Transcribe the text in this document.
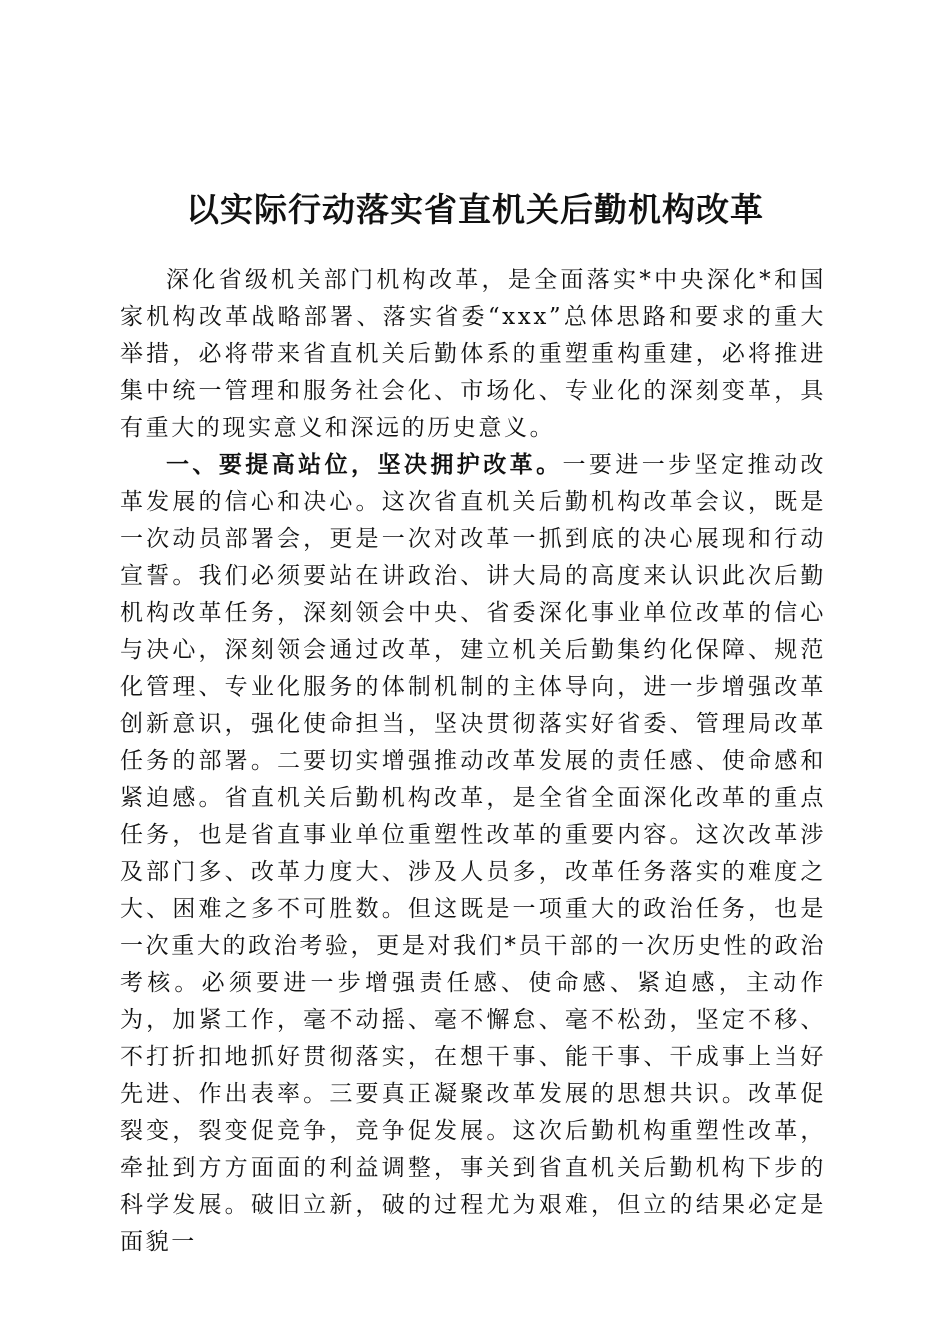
以实际行动落实省直机关后勤机构改革

深化省级机关部门机构改革，是全面落实*中央深化*和国家机构改革战略部署、落实省委“xxx”总体思路和要求的重大举措，必将带来省直机关后勤体系的重塑重构重建，必将推进集中统一管理和服务社会化、市场化、专业化的深刻变革，具有重大的现实意义和深远的历史意义。

一、要提高站位，坚决拥护改革。一要进一步坚定推动改革发展的信心和决心。这次省直机关后勤机构改革会议，既是一次动员部署会，更是一次对改革一抓到底的决心展现和行动宣誓。我们必须要站在讲政治、讲大局的高度来认识此次后勤机构改革任务，深刻领会中央、省委深化事业单位改革的信心与决心，深刻领会通过改革，建立机关后勤集约化保障、规范化管理、专业化服务的体制机制的主体导向，进一步增强改革创新意识，强化使命担当，坚决贯彻落实好省委、管理局改革任务的部署。二要切实增强推动改革发展的责任感、使命感和紧迫感。省直机关后勤机构改革，是全省全面深化改革的重点任务，也是省直事业单位重塑性改革的重要内容。这次改革涉及部门多、改革力度大、涉及人员多，改革任务落实的难度之大、困难之多不可胜数。但这既是一项重大的政治任务，也是一次重大的政治考验，更是对我们*员干部的一次历史性的政治考核。必须要进一步增强责任感、使命感、紧迫感，主动作为，加紧工作，毫不动摇、毫不懈怠、毫不松劲，坚定不移、不打折扣地抓好贯彻落实，在想干事、能干事、干成事上当好先进、作出表率。三要真正凝聚改革发展的思想共识。改革促裂变，裂变促竞争，竞争促发展。这次后勤机构重塑性改革，牵扯到方方面面的利益调整，事关到省直机关后勤机构下步的科学发展。破旧立新，破的过程尤为艰难，但立的结果必定是面貌一
